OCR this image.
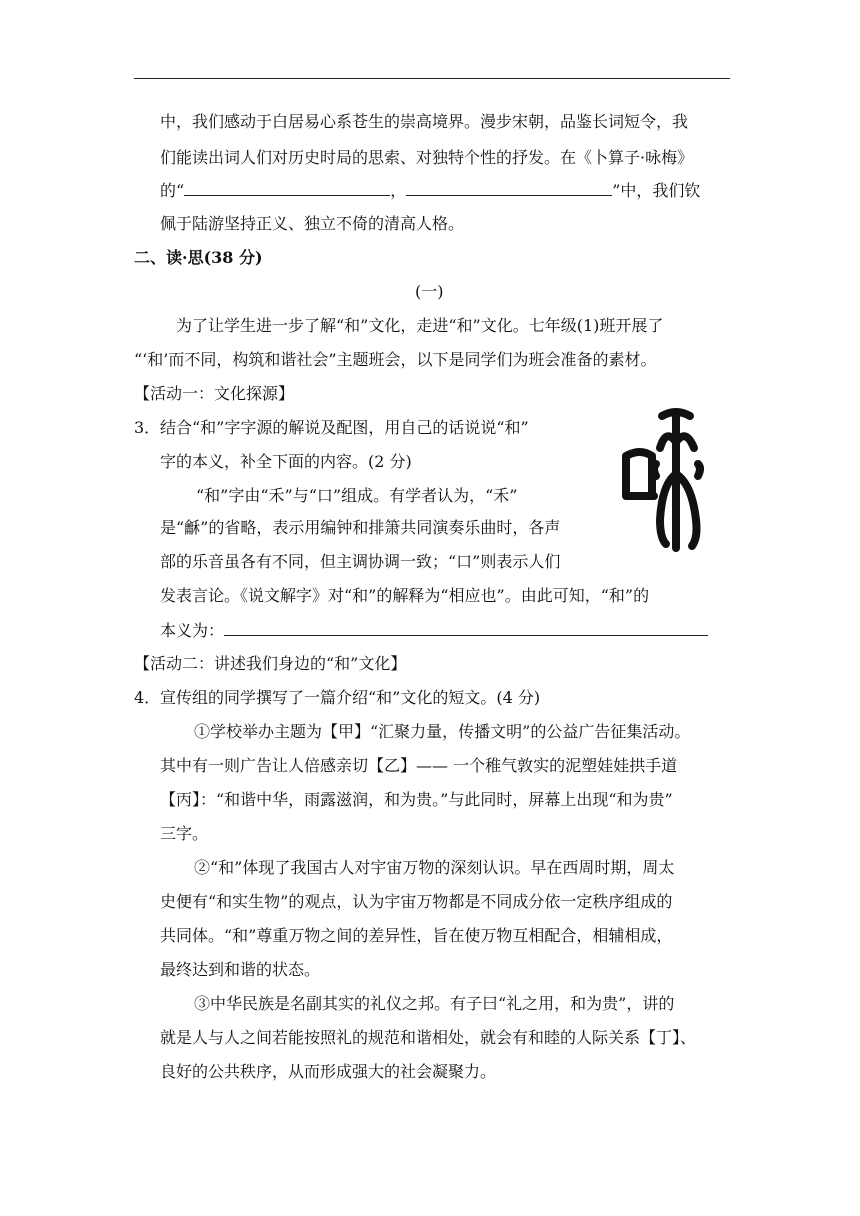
中，我们感动于白居易心系苍生的崇高境界。漫步宋朝，品鉴长词短令，我
们能读出词人们对历史时局的思索、对独特个性的抒发。在《卜算子·咏梅》
的“	，	”中，我们钦
佩于陆游坚持正义、独立不倚的清高人格。
二、读·思(38 分)
(一)
为了让学生进一步了解“和”文化，走进“和”文化。七年级(1)班开展了
“‘和’而不同，构筑和谐社会”主题班会，以下是同学们为班会准备的素材。
【活动一：文化探源】
3． 结合“和”字字源的解说及配图，用自己的话说说“和”
字的本义，补全下面的内容。(2 分)
“和”字由“禾”与“口”组成。有学者认为，“禾”
是“龢”的省略，表示用编钟和排箫共同演奏乐曲时，各声
部的乐音虽各有不同，但主调协调一致；“口”则表示人们
发表言论。《说文解字》对“和”的解释为“相应也”。由此可知，“和”的
本义为：
【活动二：讲述我们身边的“和”文化】
4． 宣传组的同学撰写了一篇介绍“和”文化的短文。(4 分)
①学校举办主题为【甲】“汇聚力量，传播文明”的公益广告征集活动。
其中有一则广告让人倍感亲切【乙】—— 一个稚气敦实的泥塑娃娃拱手道
【丙】：“和谐中华，雨露滋润，和为贵。”与此同时，屏幕上出现“和为贵”
三字。
②“和”体现了我国古人对宇宙万物的深刻认识。早在西周时期，周太
史便有“和实生物”的观点，认为宇宙万物都是不同成分依一定秩序组成的
共同体。“和”尊重万物之间的差异性，旨在使万物互相配合，相辅相成，
最终达到和谐的状态。
③中华民族是名副其实的礼仪之邦。有子曰“礼之用，和为贵”，讲的
就是人与人之间若能按照礼的规范和谐相处，就会有和睦的人际关系【丁】、
良好的公共秩序，从而形成强大的社会凝聚力。
